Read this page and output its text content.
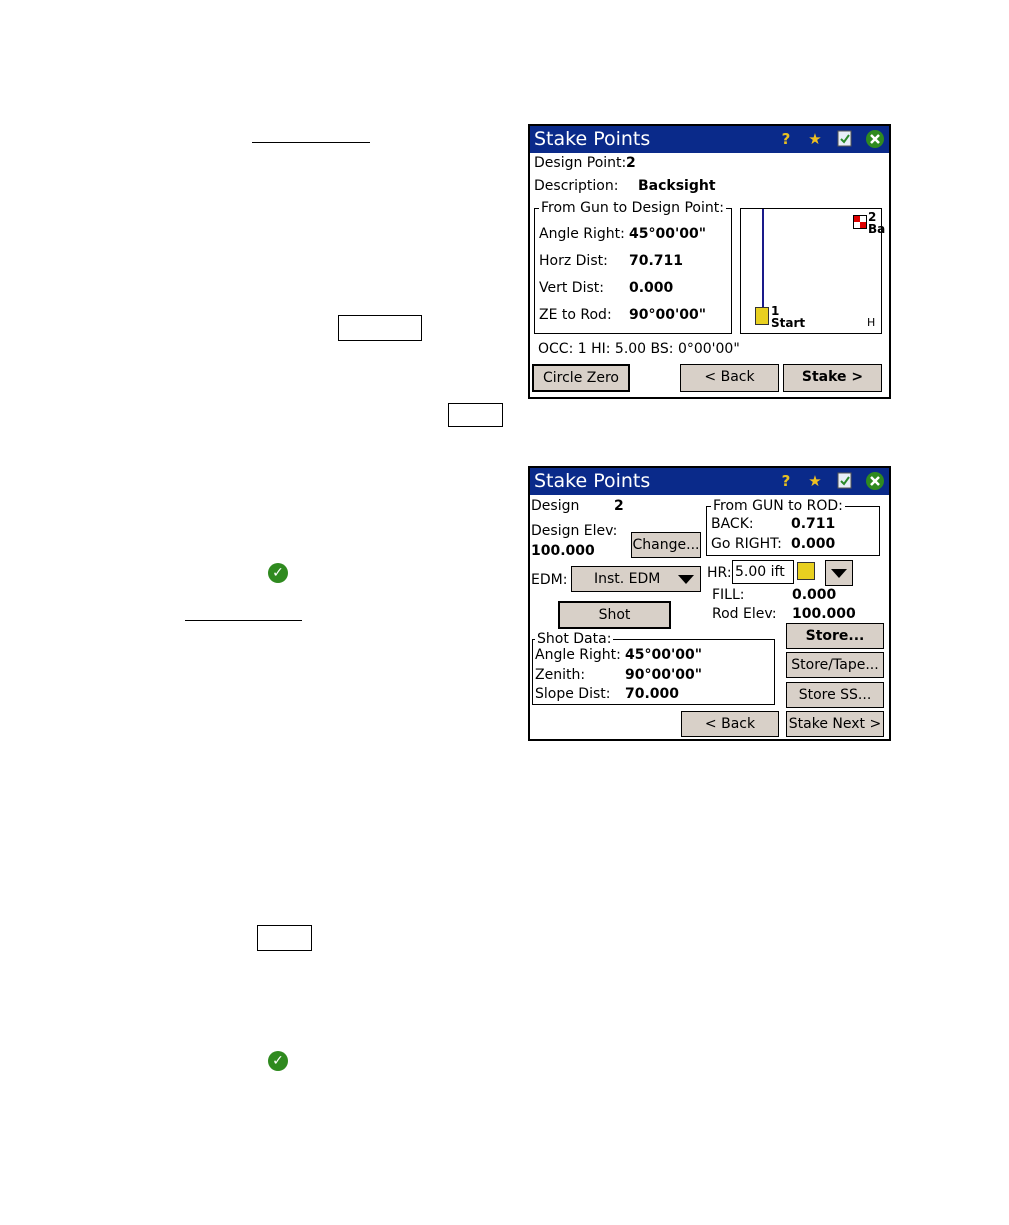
✓
✓
Stake Points	?	★
Design Point: 2
Description: Backsight
From Gun to Design Point:
Angle Right: 45°00'00"
Horz Dist: 70.711
Vert Dist: 0.000
ZE to Rod: 90°00'00"	1
Start
2
Ba
H
OCC: 1 HI: 5.00 BS: 0°00'00"
Circle Zero	< Back	Stake >
Stake Points	?	★
Design 2
Design Elev:
100.000	Change...
From GUN to ROD:
BACK:	0.711
Go RIGHT: 0.000
EDM: Inst. EDM	HR: 5.00 ift
FILL:	0.000
Rod Elev: 100.000
Shot
Shot Data:
Angle Right: 45°00'00"
Zenith:	90°00'00"
Slope Dist: 70.000
Store...
Store/Tape...
Store SS...
< Back	Stake Next >
